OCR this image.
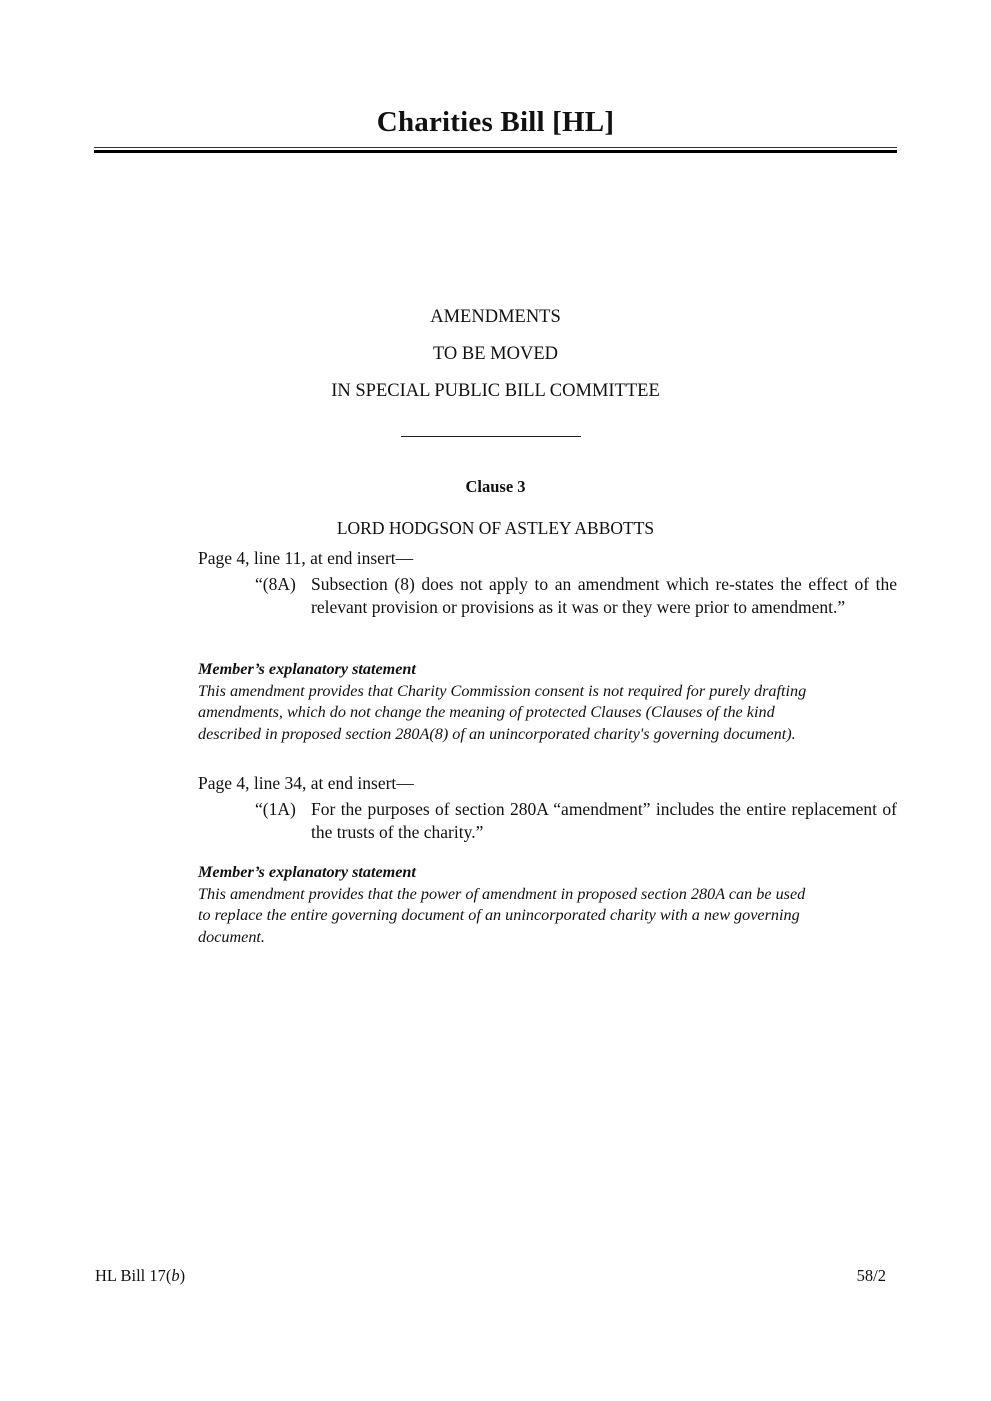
Charities Bill [HL]
AMENDMENTS
TO BE MOVED
IN SPECIAL PUBLIC BILL COMMITTEE
Clause 3
LORD HODGSON OF ASTLEY ABBOTTS
Page 4, line 11, at end insert—
“(8A) Subsection (8) does not apply to an amendment which re-states the effect of the relevant provision or provisions as it was or they were prior to amendment.”
Member’s explanatory statement
This amendment provides that Charity Commission consent is not required for purely drafting
amendments, which do not change the meaning of protected Clauses (Clauses of the kind
described in proposed section 280A(8) of an unincorporated charity's governing document).
Page 4, line 34, at end insert—
“(1A) For the purposes of section 280A “amendment” includes the entire replacement of the trusts of the charity.”
Member’s explanatory statement
This amendment provides that the power of amendment in proposed section 280A can be used
to replace the entire governing document of an unincorporated charity with a new governing
document.
HL Bill 17(b)	58/2
